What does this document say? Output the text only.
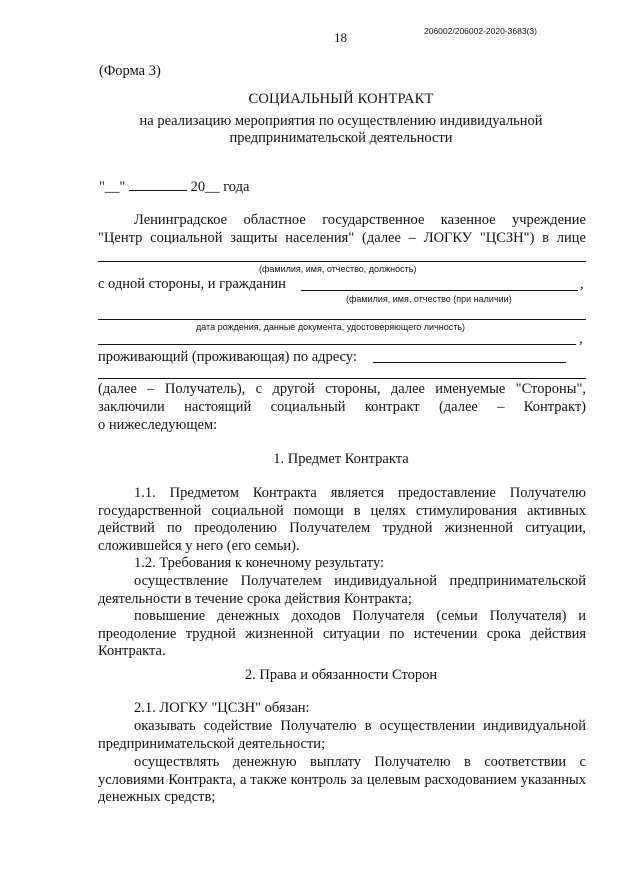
206002/206002-2020-3683(3)
18
(Форма 3)
СОЦИАЛЬНЫЙ КОНТРАКТ
на реализацию мероприятия по осуществлению индивидуальной
предпринимательской деятельности
"__"	20__ года
Ленинградское областное государственное казенное учреждение
"Центр социальной защиты населения" (далее – ЛОГКУ "ЦСЗН") в лице
(фамилия, имя, отчество, должность)
с одной стороны, и гражданин	,
(фамилия, имя, отчество (при наличии)
дата рождения, данные документа, удостоверяющего личность)
,
проживающий (проживающая) по адресу:
(далее – Получатель), с другой стороны, далее именуемые "Стороны",
заключили настоящий социальный контракт (далее – Контракт)
о нижеследующем:
1. Предмет Контракта
1.1. Предметом Контракта является предоставление Получателю государственной социальной помощи в целях стимулирования активных действий по преодолению Получателем трудной жизненной ситуации, сложившейся у него (его семьи).
1.2. Требования к конечному результату:
осуществление Получателем индивидуальной предпринимательской деятельности в течение срока действия Контракта;
повышение денежных доходов Получателя (семьи Получателя) и преодоление трудной жизненной ситуации по истечении срока действия Контракта.
2. Права и обязанности Сторон
2.1. ЛОГКУ "ЦСЗН" обязан:
оказывать содействие Получателю в осуществлении индивидуальной предпринимательской деятельности;
осуществлять денежную выплату Получателю в соответствии с условиями Контракта, а также контроль за целевым расходованием указанных денежных средств;
